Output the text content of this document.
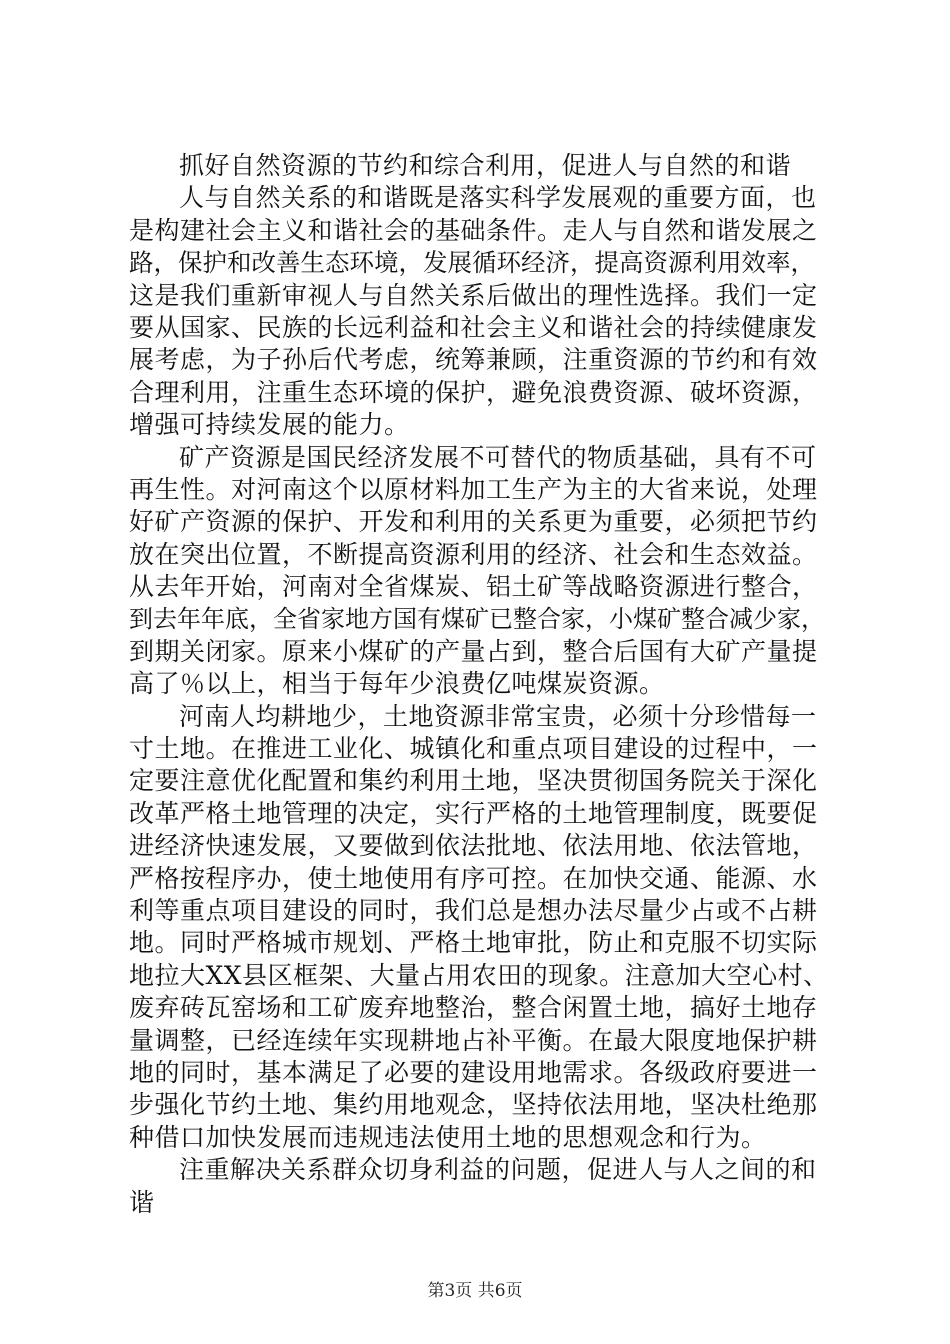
抓好自然资源的节约和综合利用，促进人与自然的和谐
人与自然关系的和谐既是落实科学发展观的重要方面，也
是构建社会主义和谐社会的基础条件。走人与自然和谐发展之
路，保护和改善生态环境，发展循环经济，提高资源利用效率，
这是我们重新审视人与自然关系后做出的理性选择。我们一定
要从国家、民族的长远利益和社会主义和谐社会的持续健康发
展考虑，为子孙后代考虑，统筹兼顾，注重资源的节约和有效
合理利用，注重生态环境的保护，避免浪费资源、破坏资源，
增强可持续发展的能力。
矿产资源是国民经济发展不可替代的物质基础，具有不可
再生性。对河南这个以原材料加工生产为主的大省来说，处理
好矿产资源的保护、开发和利用的关系更为重要，必须把节约
放在突出位置，不断提高资源利用的经济、社会和生态效益。
从去年开始，河南对全省煤炭、铝土矿等战略资源进行整合，
到去年年底，全省家地方国有煤矿已整合家，小煤矿整合减少家，
到期关闭家。原来小煤矿的产量占到，整合后国有大矿产量提
高了％以上，相当于每年少浪费亿吨煤炭资源。
河南人均耕地少，土地资源非常宝贵，必须十分珍惜每一
寸土地。在推进工业化、城镇化和重点项目建设的过程中，一
定要注意优化配置和集约利用土地，坚决贯彻国务院关于深化
改革严格土地管理的决定，实行严格的土地管理制度，既要促
进经济快速发展，又要做到依法批地、依法用地、依法管地，
严格按程序办，使土地使用有序可控。在加快交通、能源、水
利等重点项目建设的同时，我们总是想办法尽量少占或不占耕
地。同时严格城市规划、严格土地审批，防止和克服不切实际
地拉大XX县区框架、大量占用农田的现象。注意加大空心村、
废弃砖瓦窑场和工矿废弃地整治，整合闲置土地，搞好土地存
量调整，已经连续年实现耕地占补平衡。在最大限度地保护耕
地的同时，基本满足了必要的建设用地需求。各级政府要进一
步强化节约土地、集约用地观念，坚持依法用地，坚决杜绝那
种借口加快发展而违规违法使用土地的思想观念和行为。
注重解决关系群众切身利益的问题，促进人与人之间的和
谐
第3页 共6页
